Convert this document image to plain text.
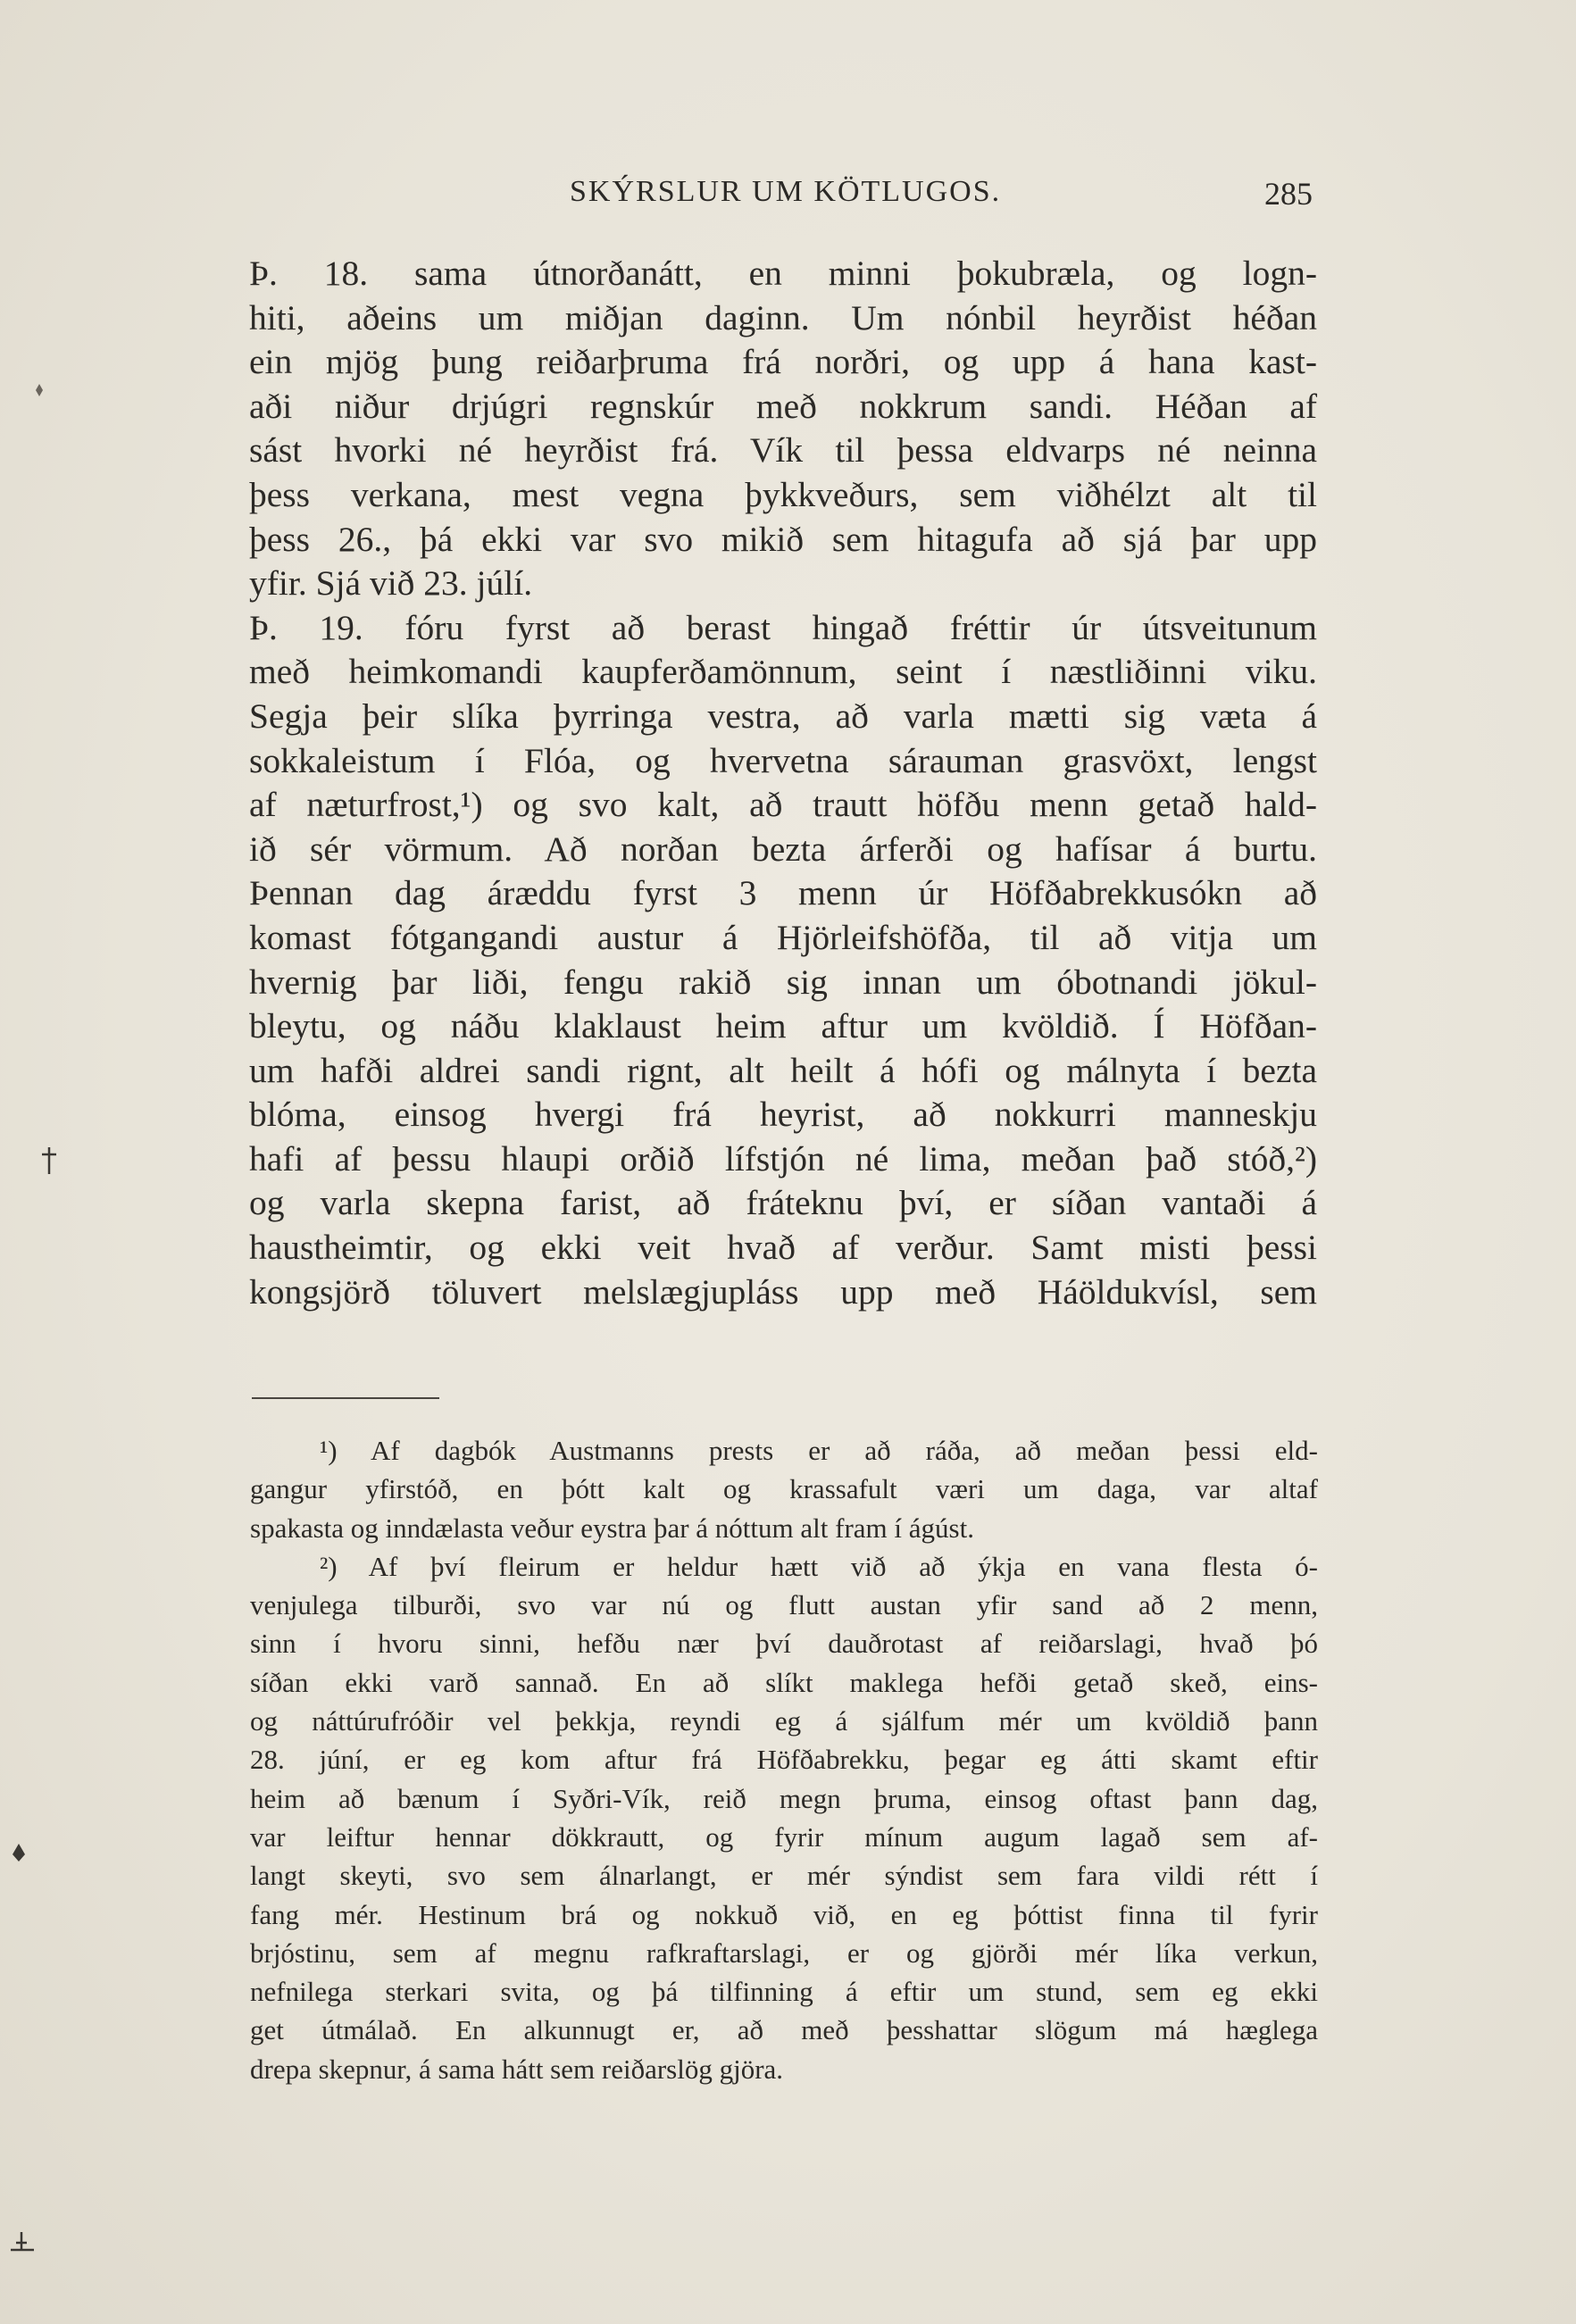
SKÝRSLUR UM KÖTLUGOS.	285
Þ. 18. sama útnorðanátt, en minni þokubræla, og logn-
hiti, aðeins um miðjan daginn. Um nónbil heyrðist héðan
ein mjög þung reiðarþruma frá norðri, og upp á hana kast-
aði niður drjúgri regnskúr með nokkrum sandi. Héðan af
sást hvorki né heyrðist frá. Vík til þessa eldvarps né neinna
þess verkana, mest vegna þykkveðurs, sem viðhélzt alt til
þess 26., þá ekki var svo mikið sem hitagufa að sjá þar upp
yfir. Sjá við 23. júlí.
Þ. 19. fóru fyrst að berast hingað fréttir úr útsveitunum
með heimkomandi kaupferðamönnum, seint í næstliðinni viku.
Segja þeir slíka þyrringa vestra, að varla mætti sig væta á
sokkaleistum í Flóa, og hvervetna sárauman grasvöxt, lengst
af næturfrost,¹) og svo kalt, að trautt höfðu menn getað hald-
ið sér vörmum. Að norðan bezta árferði og hafísar á burtu.
Þennan dag áræddu fyrst 3 menn úr Höfðabrekkusókn að
komast fótgangandi austur á Hjörleifshöfða, til að vitja um
hvernig þar liði, fengu rakið sig innan um óbotnandi jökul-
bleytu, og náðu klaklaust heim aftur um kvöldið. Í Höfðan-
um hafði aldrei sandi rignt, alt heilt á hófi og málnyta í bezta
blóma, einsog hvergi frá heyrist, að nokkurri manneskju
hafi af þessu hlaupi orðið lífstjón né lima, meðan það stóð,²)
og varla skepna farist, að fráteknu því, er síðan vantaði á
haustheimtir, og ekki veit hvað af verður. Samt misti þessi
kongsjörð töluvert melslægjupláss upp með Háöldukvísl, sem
¹) Af dagbók Austmanns prests er að ráða, að meðan þessi eld-
gangur yfirstóð, en þótt kalt og krassafult væri um daga, var altaf
spakasta og inndælasta veður eystra þar á nóttum alt fram í ágúst.
²) Af því fleirum er heldur hætt við að ýkja en vana flesta ó-
venjulega tilburði, svo var nú og flutt austan yfir sand að 2 menn,
sinn í hvoru sinni, hefðu nær því dauðrotast af reiðarslagi, hvað þó
síðan ekki varð sannað. En að slíkt maklega hefði getað skeð, eins-
og náttúrufróðir vel þekkja, reyndi eg á sjálfum mér um kvöldið þann
28. júní, er eg kom aftur frá Höfðabrekku, þegar eg átti skamt eftir
heim að bænum í Syðri-Vík, reið megn þruma, einsog oftast þann dag,
var leiftur hennar dökkrautt, og fyrir mínum augum lagað sem af-
langt skeyti, svo sem álnarlangt, er mér sýndist sem fara vildi rétt í
fang mér. Hestinum brá og nokkuð við, en eg þóttist finna til fyrir
brjóstinu, sem af megnu rafkraftarslagi, er og gjörði mér líka verkun,
nefnilega sterkari svita, og þá tilfinning á eftir um stund, sem eg ekki
get útmálað. En alkunnugt er, að með þesshattar slögum má hæglega
drepa skepnur, á sama hátt sem reiðarslög gjöra.
